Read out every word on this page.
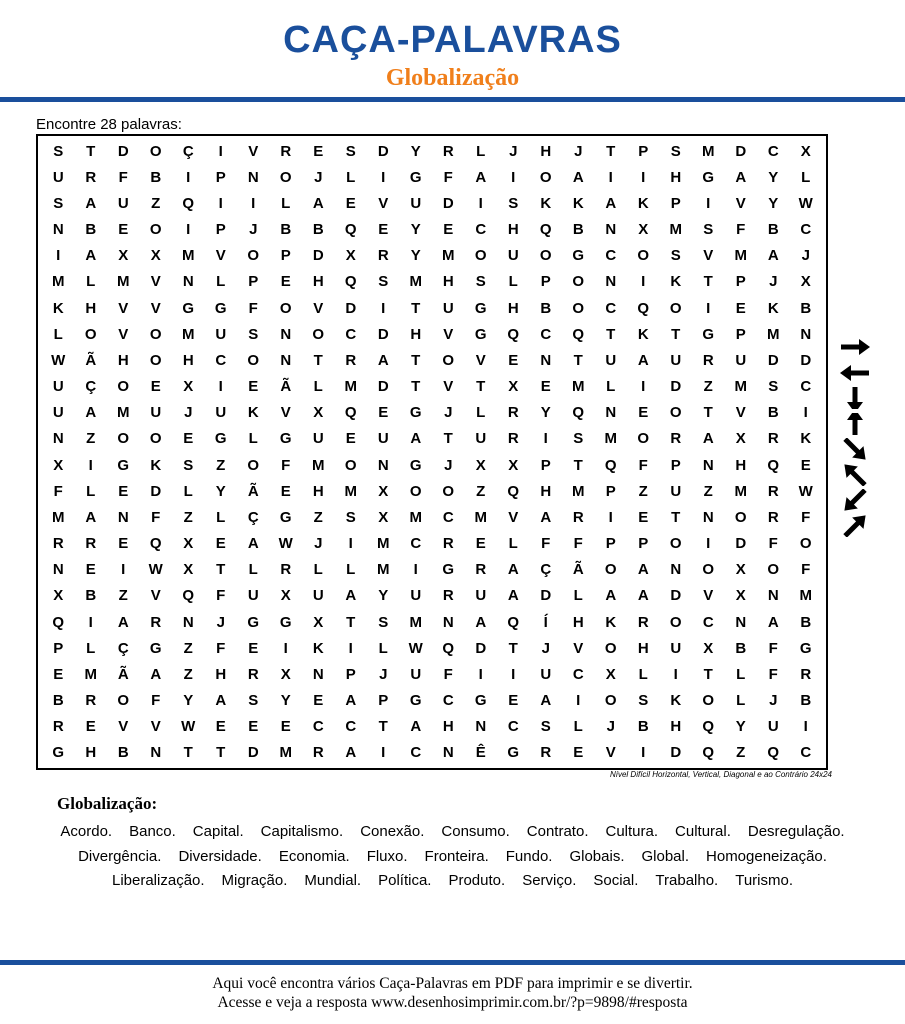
CAÇA-PALAVRAS
Globalização
Encontre 28 palavras:
S	T	D	O	Ç	I	V	R	E	S	D	Y	R	L	J	H	J	T	P	S	M	D	C	X
U	R	F	B	I	P	N	O	J	L	I	G	F	A	I	O	A	I	I	H	G	A	Y	L
S	A	U	Z	Q	I	I	L	A	E	V	U	D	I	S	K	K	A	K	P	I	V	Y	W
N	B	E	O	I	P	J	B	B	Q	E	Y	E	C	H	Q	B	N	X	M	S	F	B	C
I	A	X	X	M	V	O	P	D	X	R	Y	M	O	U	O	G	C	O	S	V	M	A	J
M	L	M	V	N	L	P	E	H	Q	S	M	H	S	L	P	O	N	I	K	T	P	J	X
K	H	V	V	G	G	F	O	V	D	I	T	U	G	H	B	O	C	Q	O	I	E	K	B
L	O	V	O	M	U	S	N	O	C	D	H	V	G	Q	C	Q	T	K	T	G	P	M	N
W	Ã	H	O	H	C	O	N	T	R	A	T	O	V	E	N	T	U	A	U	R	U	D	D
U	Ç	O	E	X	I	E	Ã	L	M	D	T	V	T	X	E	M	L	I	D	Z	M	S	C
U	A	M	U	J	U	K	V	X	Q	E	G	J	L	R	Y	Q	N	E	O	T	V	B	I
N	Z	O	O	E	G	L	G	U	E	U	A	T	U	R	I	S	M	O	R	A	X	R	K
X	I	G	K	S	Z	O	F	M	O	N	G	J	X	X	P	T	Q	F	P	N	H	Q	E
F	L	E	D	L	Y	Ã	E	H	M	X	O	O	Z	Q	H	M	P	Z	U	Z	M	R	W
M	A	N	F	Z	L	Ç	G	Z	S	X	M	C	M	V	A	R	I	E	T	N	O	R	F
R	R	E	Q	X	E	A	W	J	I	M	C	R	E	L	F	F	P	P	O	I	D	F	O
N	E	I	W	X	T	L	R	L	L	M	I	G	R	A	Ç	Ã	O	A	N	O	X	O	F
X	B	Z	V	Q	F	U	X	U	A	Y	U	R	U	A	D	L	A	A	D	V	X	N	M
Q	I	A	R	N	J	G	G	X	T	S	M	N	A	Q	Í	H	K	R	O	C	N	A	B
P	L	Ç	G	Z	F	E	I	K	I	L	W	Q	D	T	J	V	O	H	U	X	B	F	G
E	M	Ã	A	Z	H	R	X	N	P	J	U	F	I	I	U	C	X	L	I	T	L	F	R
B	R	O	F	Y	A	S	Y	E	A	P	G	C	G	E	A	I	O	S	K	O	L	J	B
R	E	V	V	W	E	E	E	C	C	T	A	H	N	C	S	L	J	B	H	Q	Y	U	I
G	H	B	N	T	T	D	M	R	A	I	C	N	Ê	G	R	E	V	I	D	Q	Z	Q	C
Nível Difícil Horizontal, Vertical, Diagonal e ao Contrário 24x24
Globalização:
Acordo. Banco. Capital. Capitalismo. Conexão. Consumo. Contrato. Cultura. Cultural. Desregulação.
Divergência. Diversidade. Economia. Fluxo. Fronteira. Fundo. Globais. Global. Homogeneização.
Liberalização. Migração. Mundial. Política. Produto. Serviço. Social. Trabalho. Turismo.
Aqui você encontra vários Caça-Palavras em PDF para imprimir e se divertir.
Acesse e veja a resposta www.desenhosimprimir.com.br/?p=9898/#resposta
